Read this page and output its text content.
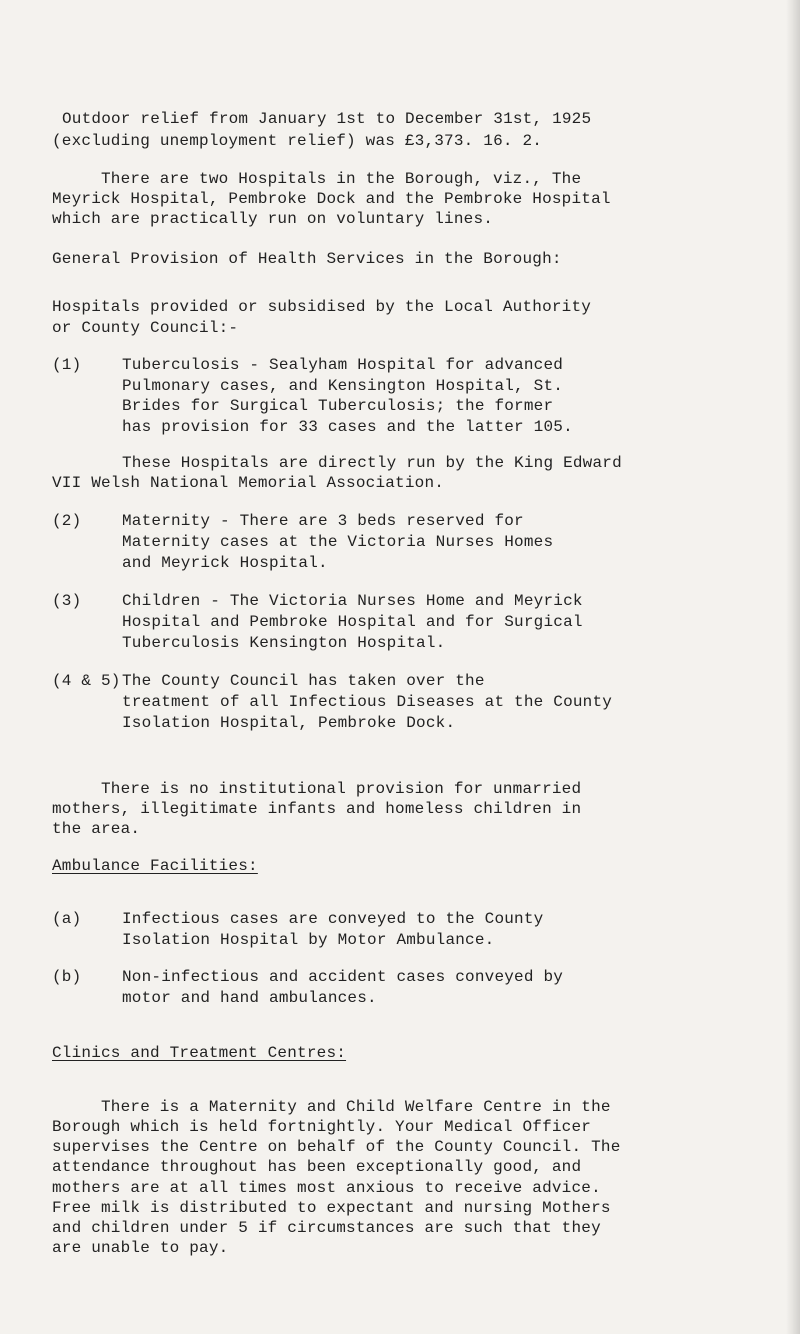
Outdoor relief from January 1st to December 31st, 1925
(excluding unemployment relief) was £3,373. 16. 2.
There are two Hospitals in the Borough, viz., The
Meyrick Hospital, Pembroke Dock and the Pembroke Hospital
which are practically run on voluntary lines.
General Provision of Health Services in the Borough:
Hospitals provided or subsidised by the Local Authority
or County Council:-
(1)	Tuberculosis - Sealyham Hospital for advanced
Pulmonary cases, and Kensington Hospital, St.
Brides for Surgical Tuberculosis; the former
has provision for 33 cases and the latter 105.
These Hospitals are directly run by the King Edward
VII Welsh National Memorial Association.
(2)	Maternity - There are 3 beds reserved for
Maternity cases at the Victoria Nurses Homes
and Meyrick Hospital.
(3)	Children - The Victoria Nurses Home and Meyrick
Hospital and Pembroke Hospital and for Surgical
Tuberculosis Kensington Hospital.
(4 & 5) The County Council has taken over the
treatment of all Infectious Diseases at the County
Isolation Hospital, Pembroke Dock.
There is no institutional provision for unmarried
mothers, illegitimate infants and homeless children in
the area.
Ambulance Facilities:
(a)	Infectious cases are conveyed to the County
Isolation Hospital by Motor Ambulance.
(b)	Non-infectious and accident cases conveyed by
motor and hand ambulances.
Clinics and Treatment Centres:
There is a Maternity and Child Welfare Centre in the
Borough which is held fortnightly. Your Medical Officer
supervises the Centre on behalf of the County Council. The
attendance throughout has been exceptionally good, and
mothers are at all times most anxious to receive advice.
Free milk is distributed to expectant and nursing Mothers
and children under 5 if circumstances are such that they
are unable to pay.
